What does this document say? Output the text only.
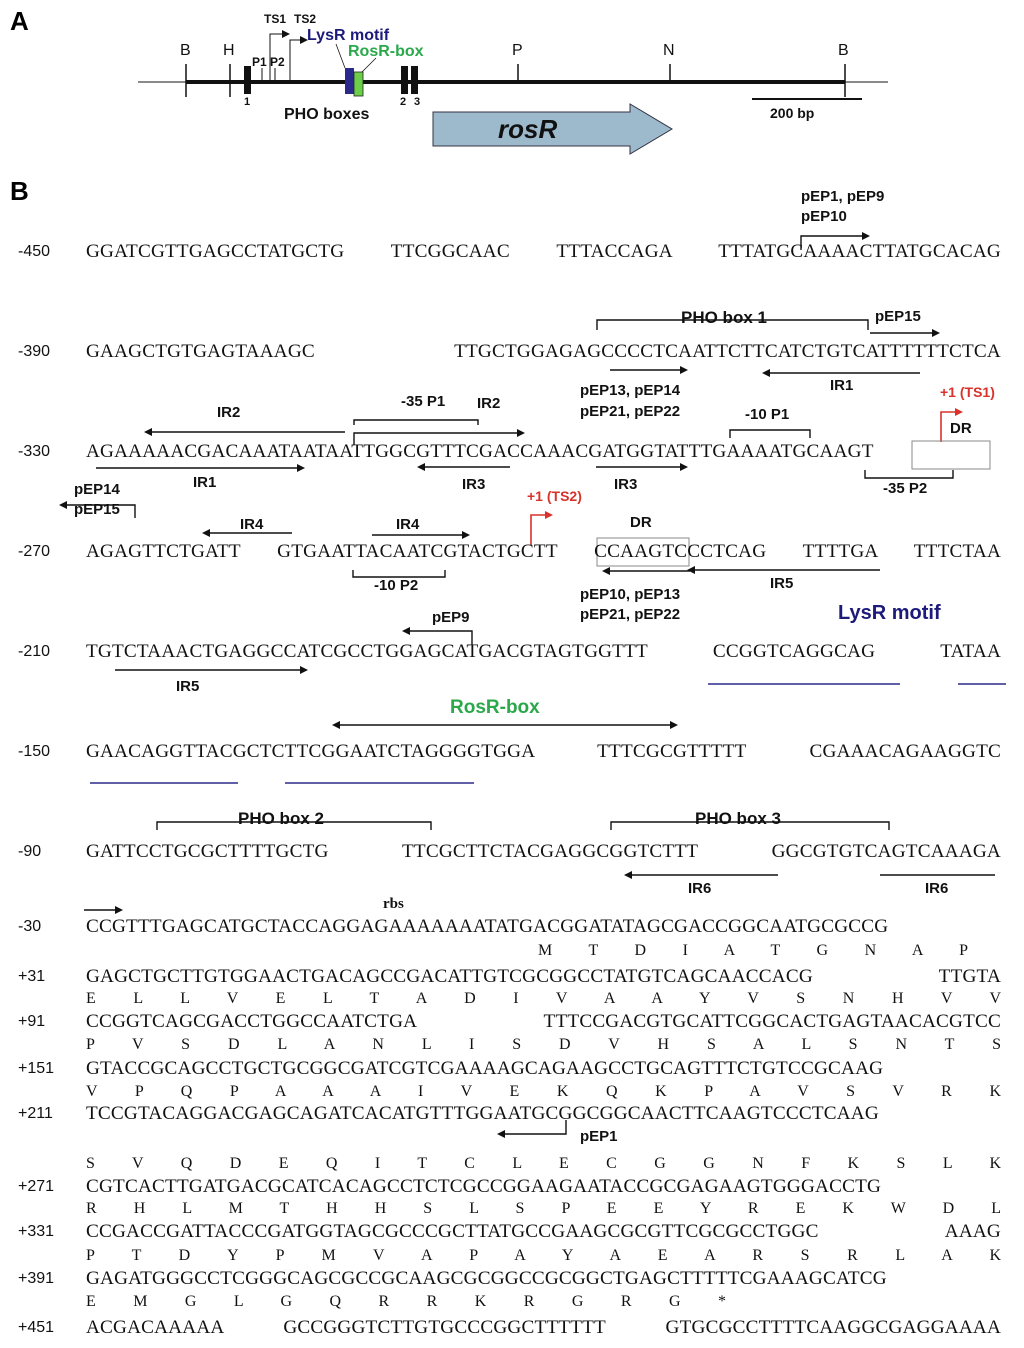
A
B
B H	P	N	B
TS1 TS2
P1 P2
LysR motif
RosR-box
PHO boxes
1	2 3
rosR
200 bp
pEP1, pEP9
pEP10
PHO box 1	pEP15
IR1
pEP13, pEP14
pEP21, pEP22
+1 (TS1)
IR2
-35 P1 IR2
-10 P1
DR
IR1	IR3	IR3	-35 P2
pEP14
pEP15
IR4	IR4
+1 (TS2)
DR
-10 P2	IR5
pEP10, pEP13
pEP21, pEP22
pEP9	LysR motif
IR5
RosR-box
PHO box 2	PHO box 3
IR6	IR6
rbs
pEP1
-450 GGATCGTTGAGCCTATGCTG TTCGGCAAC TTTACCAGA TTTATGCAAAACTTATGCACAG
-390 GAAGCTGTGAGTAAAGC TTGCTGGAGAGCCCCTCAATTCTTCATCTGTCATTTTTTCTCA
-330 AGAAAAACGACAAATAATAATTGGCGTTTCGACCAAACGATGGTATTTGAAAATGCAAGT
-270 AGAGTTCTGATT GTGAATTACAATCGTACTGCTT CCAAGTCCCTCAG TTTTGA TTTCTAA
-210 TGTCTAAACTGAGGCCATCGCCTGGAGCATGACGTAGTGGTTT CCGGTCAGGCAG TATAA
-150 GAACAGGTTACGCTCTTCGGAATCTAGGGGTGGA TTTCGCGTTTTT CGAAACAGAAGGTC
-90 GATTCCTGCGCTTTTGCTG TTCGCTTCTACGAGGCGGTCTTT GGCGTGTCAGTCAAAGA
-30 CCGTTTGAGCATGCTACCAGGAGAAAAAAATATGACGGATATAGCGACCGGCAATGCGCCG
+31 GAGCTGCTTGTGGAACTGACAGCCGACATTGTCGCGGCCTATGTCAGCAACCACG TTGTA
+91 CCGGTCAGCGACCTGGCCAATCTGA TTTCCGACGTGCATTCGGCACTGAGTAACACGTCC
+151 GTACCGCAGCCTGCTGCGGCGATCGTCGAAAAGCAGAAGCCTGCAGTTTCTGTCCGCAAG
+211 TCCGTACAGGACGAGCAGATCACATGTTTGGAATGCGGCGGCAACTTCAAGTCCCTCAAG
+271 CGTCACTTGATGACGCATCACAGCCTCTCGCCGGAAGAATACCGCGAGAAGTGGGACCTG
+331 CCGACCGATTACCCGATGGTAGCGCCCGCTTATGCCGAAGCGCGTTCGCGCCTGGC AAAG
+391 GAGATGGGCCTCGGGCAGCGCCGCAAGCGCGGCCGCGGCTGAGCTTTTTCGAAAGCATCG
+451 ACGACAAAAA GCCGGGTCTTGTGCCCGGCTTTTTT GTGCGCCTTTTCAAGGCGAGGAAAA
M T D I A T G N A P
E L L V E L T A D I V A A Y V S N H V V
P V S D L A N L I S D V H S A L S N T S
V P Q P A A A I V E K Q K P A V S V R K
S V Q D E Q I T C L E C G G N F K S L K
R H L M T H H S L S P E E Y R E K W D L
P T D Y P M V A P A Y A E A R S R L A K
E M G L G Q R R K R G R G *
